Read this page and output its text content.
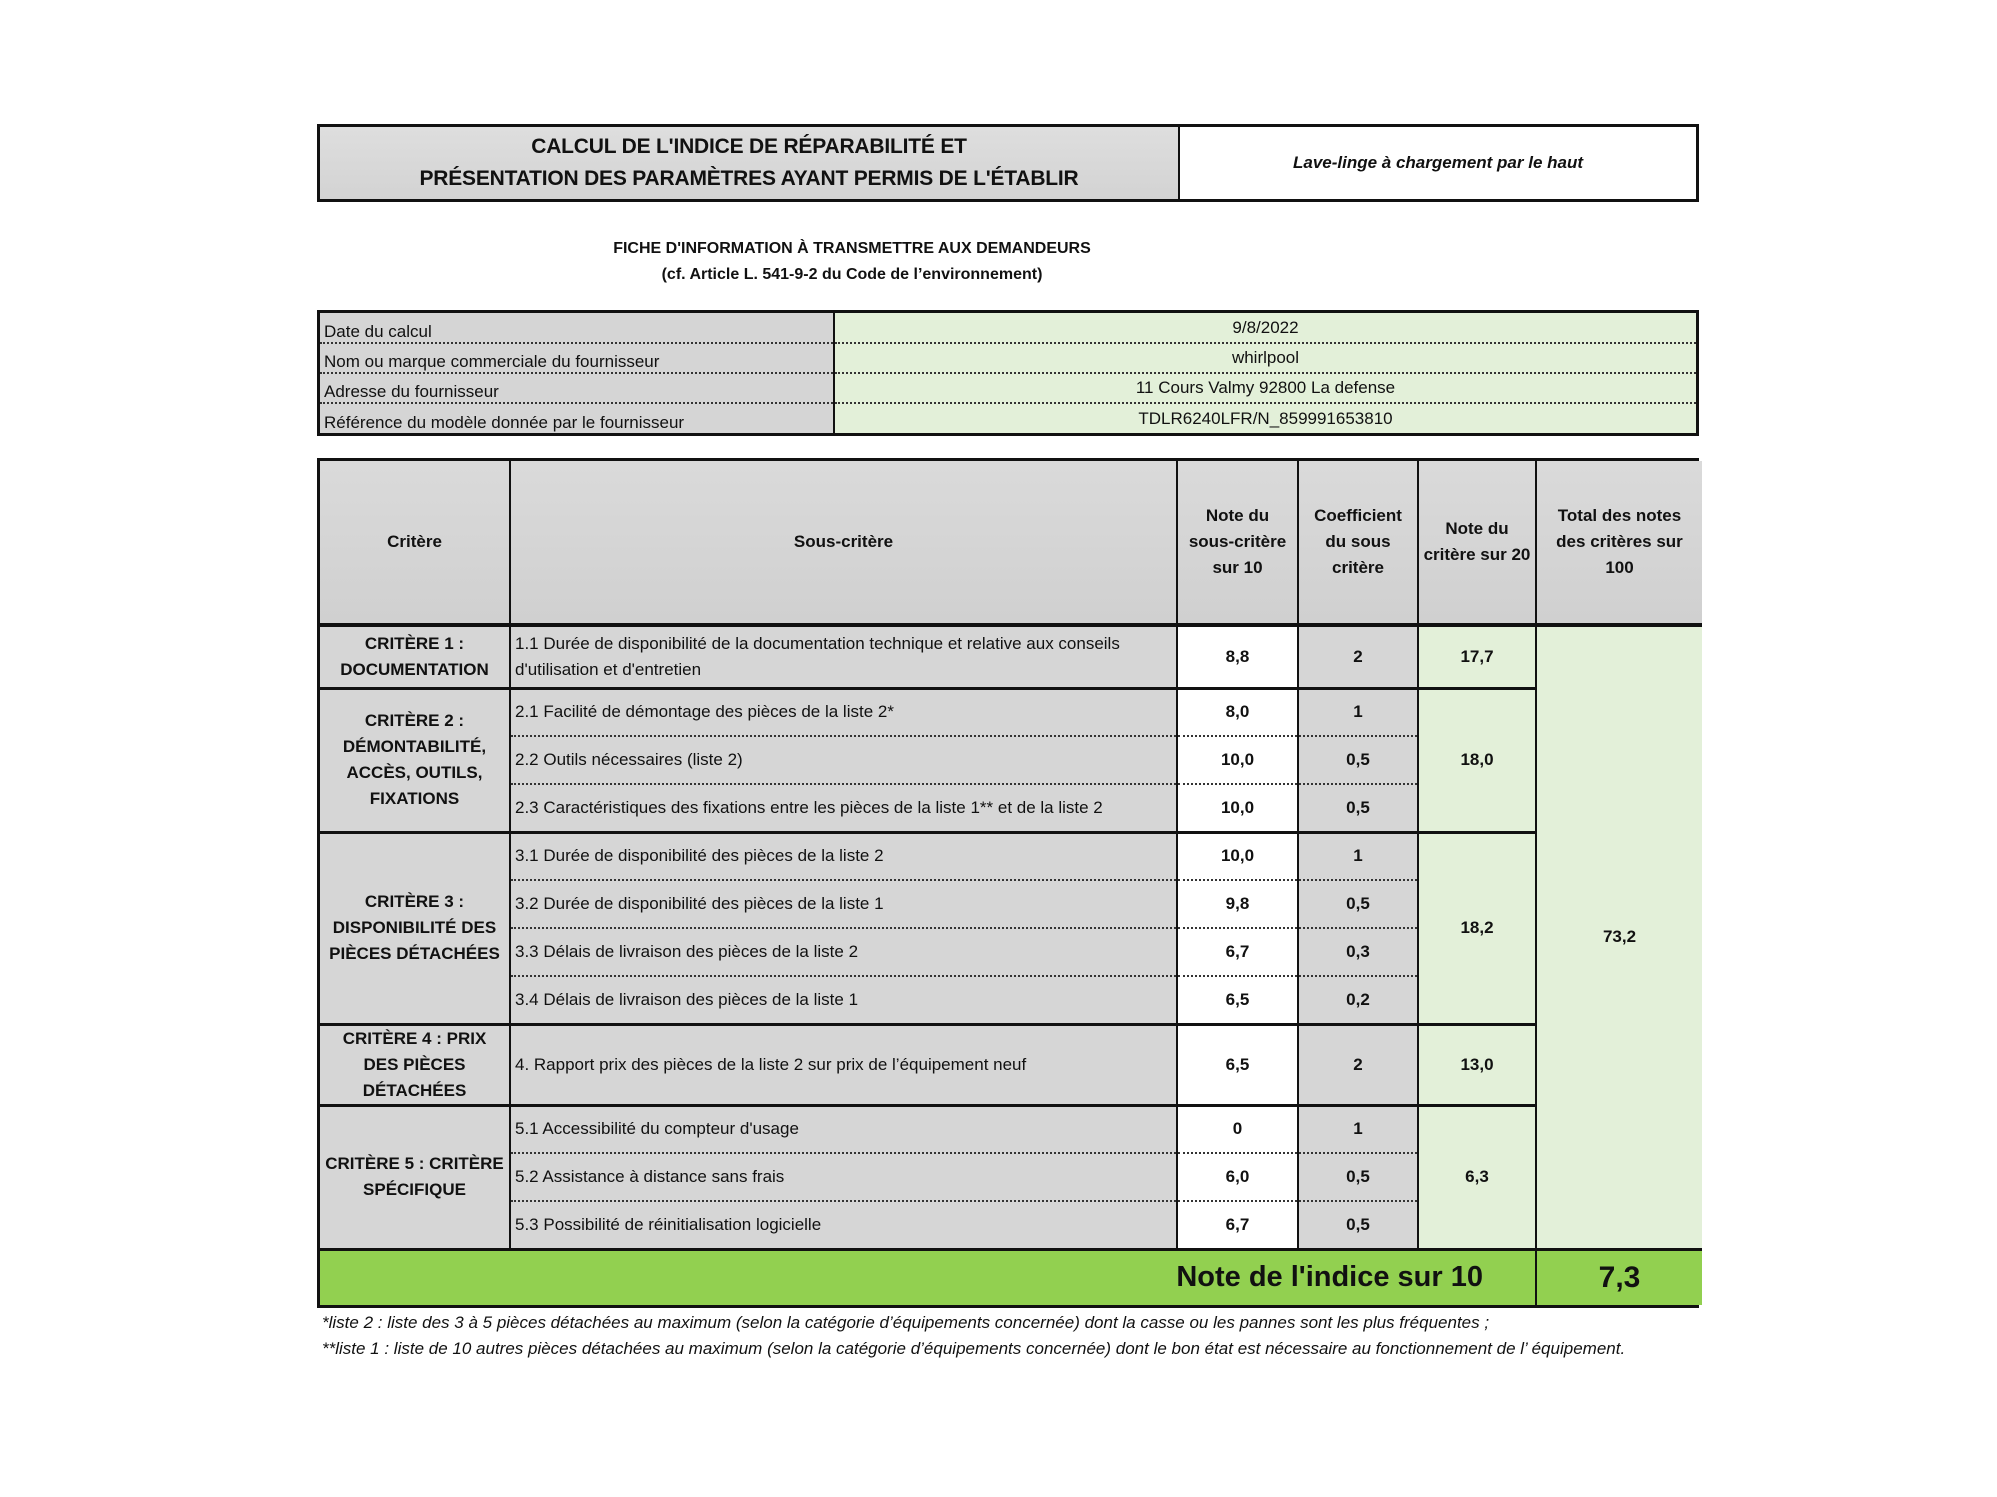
CALCUL DE L'INDICE DE RÉPARABILITÉ ET
PRÉSENTATION DES PARAMÈTRES AYANT PERMIS DE L'ÉTABLIR
Lave-linge à chargement par le haut
FICHE D'INFORMATION À TRANSMETTRE AUX DEMANDEURS
(cf. Article L. 541-9-2 du Code de l’environnement)
Date du calcul	9/8/2022
Nom ou marque commerciale du fournisseur	whirlpool
Adresse du fournisseur	11 Cours Valmy 92800 La defense
Référence du modèle donnée par le fournisseur	TDLR6240LFR/N_859991653810
Critère	Sous-critère	Note du sous-critère sur 10	Coefficient du sous critère	Note du critère sur 20	Total des notes des critères sur 100
CRITÈRE 1 : DOCUMENTATION	1.1 Durée de disponibilité de la documentation technique et relative aux conseils d'utilisation et d'entretien	8,8	2	17,7	73,2
CRITÈRE 2 : DÉMONTABILITÉ, ACCÈS, OUTILS, FIXATIONS	2.1 Facilité de démontage des pièces de la liste 2*	8,0	1	18,0	
	2.2 Outils nécessaires (liste 2)	10,0	0,5		
	2.3 Caractéristiques des fixations entre les pièces de la liste 1** et de la liste 2	10,0	0,5		
CRITÈRE 3 : DISPONIBILITÉ DES PIÈCES DÉTACHÉES	3.1 Durée de disponibilité des pièces de la liste 2	10,0	1	18,2	
	3.2 Durée de disponibilité des pièces de la liste 1	9,8	0,5		
	3.3 Délais de livraison des pièces de la liste 2	6,7	0,3		
	3.4 Délais de livraison des pièces de la liste 1	6,5	0,2		
CRITÈRE 4 : PRIX DES PIÈCES DÉTACHÉES	4. Rapport prix des pièces de la liste 2 sur prix de l’équipement neuf	6,5	2	13,0	
CRITÈRE 5 : CRITÈRE SPÉCIFIQUE	5.1 Accessibilité du compteur d'usage	0	1	6,3	
	5.2 Assistance à distance sans frais	6,0	0,5		
	5.3 Possibilité de réinitialisation logicielle	6,7	0,5		
Note de l'indice sur 10					7,3
*liste 2 : liste des 3 à 5 pièces détachées au maximum (selon la catégorie d’équipements concernée) dont la casse ou les pannes sont les plus fréquentes ;
**liste 1 : liste de 10 autres pièces détachées au maximum (selon la catégorie d’équipements concernée) dont le bon état est nécessaire au fonctionnement de l’ équipement.
